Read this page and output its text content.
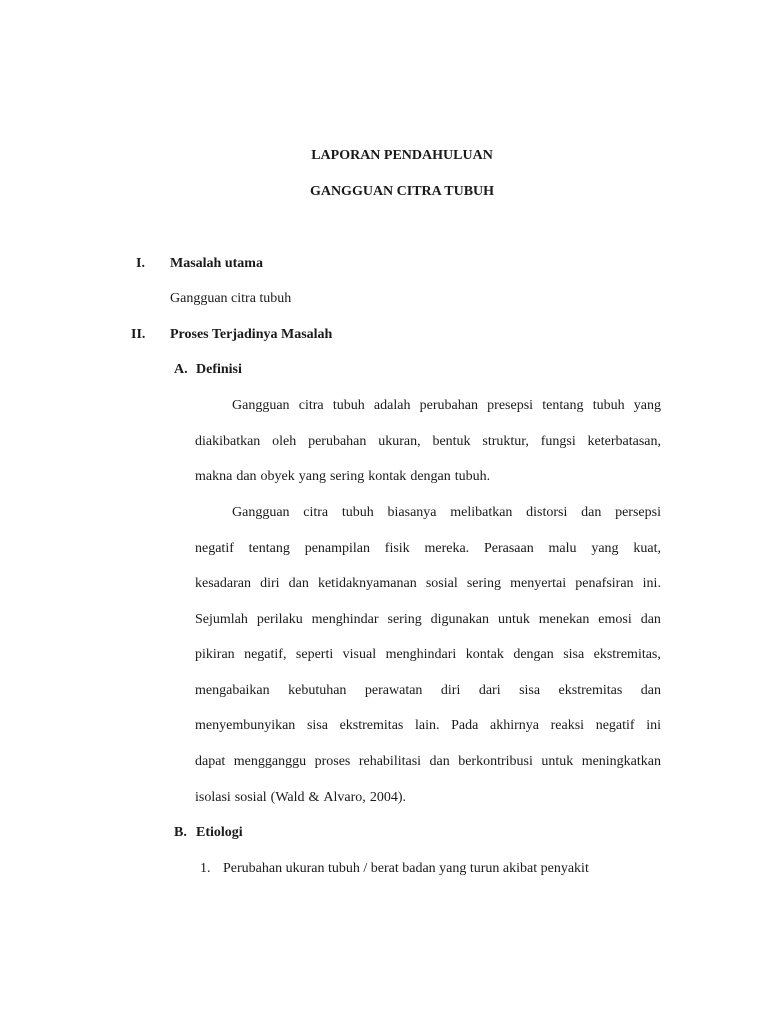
LAPORAN PENDAHULUAN
GANGGUAN CITRA TUBUH
I. Masalah utama
Gangguan citra tubuh
II. Proses Terjadinya Masalah
A. Definisi
Gangguan citra tubuh adalah perubahan presepsi tentang tubuh yang
diakibatkan oleh perubahan ukuran, bentuk struktur, fungsi keterbatasan,
makna dan obyek yang sering kontak dengan tubuh.
Gangguan citra tubuh biasanya melibatkan distorsi dan persepsi
negatif tentang penampilan fisik mereka. Perasaan malu yang kuat,
kesadaran diri dan ketidaknyamanan sosial sering menyertai penafsiran ini.
Sejumlah perilaku menghindar sering digunakan untuk menekan emosi dan
pikiran negatif, seperti visual menghindari kontak dengan sisa ekstremitas,
mengabaikan kebutuhan perawatan diri dari sisa ekstremitas dan
menyembunyikan sisa ekstremitas lain. Pada akhirnya reaksi negatif ini
dapat mengganggu proses rehabilitasi dan berkontribusi untuk meningkatkan
isolasi sosial (Wald & Alvaro, 2004).
B. Etiologi
1. Perubahan ukuran tubuh / berat badan yang turun akibat penyakit
